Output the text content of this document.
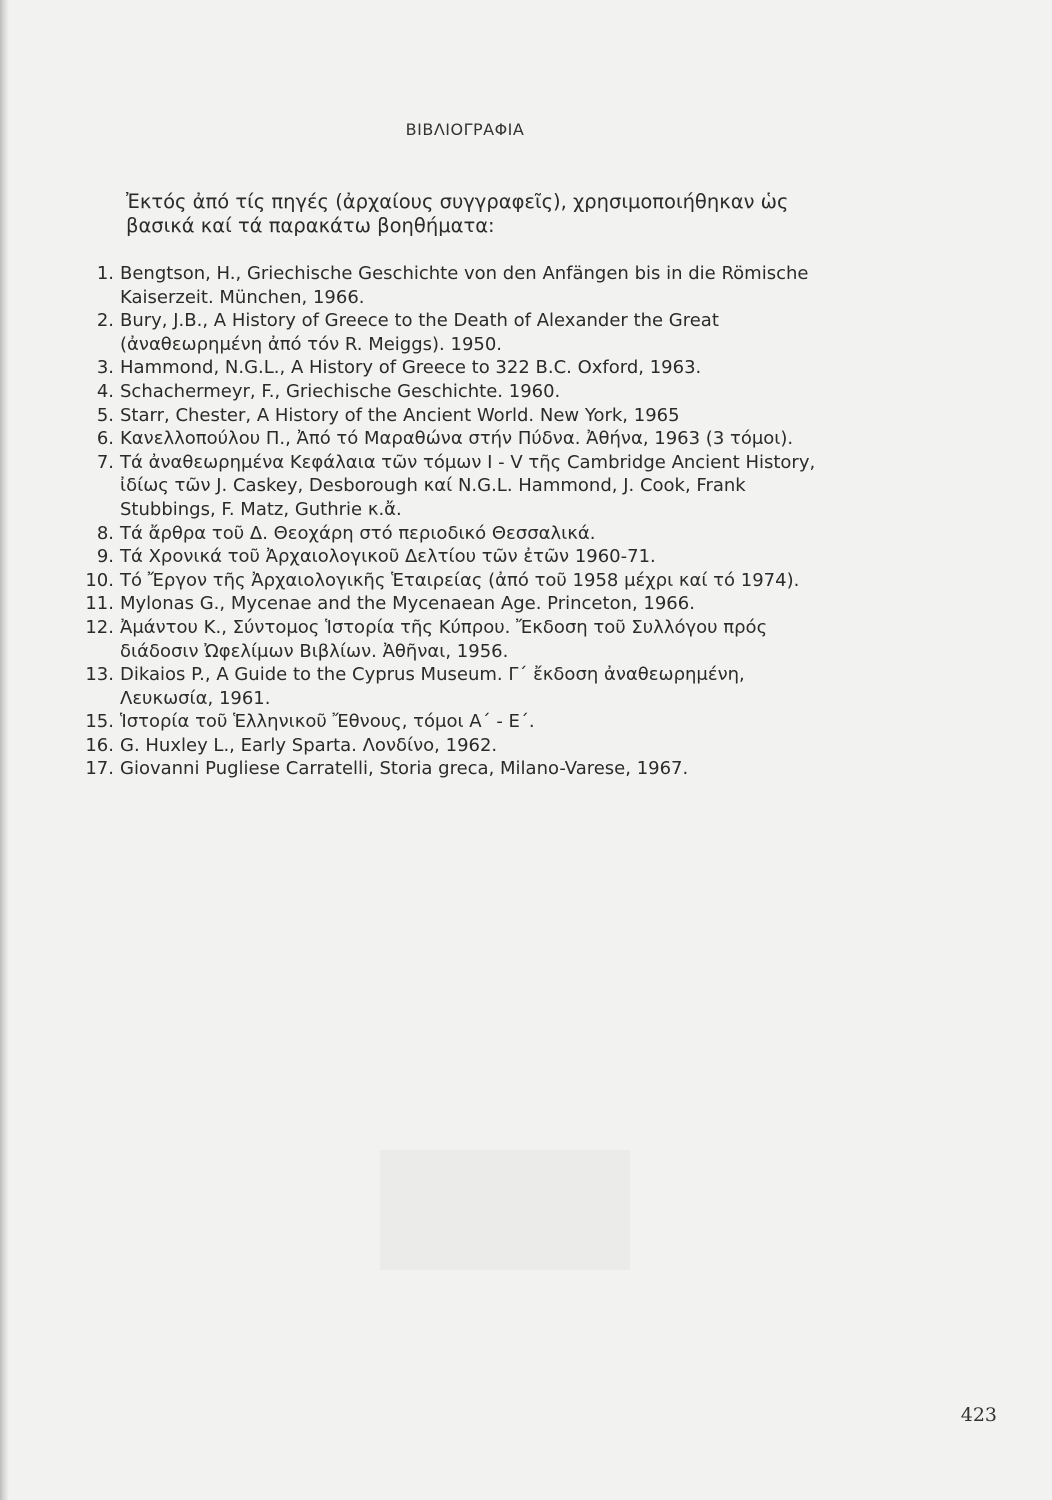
ΒΙΒΛΙΟΓΡΑΦΙΑ
Ἐκτός ἀπό τίς πηγές (ἀρχαίους συγγραφεῖς), χρησιμοποιήθηκαν ὡς βασικά καί τά παρακάτω βοηθήματα:
1. Bengtson, H., Griechische Geschichte von den Anfängen bis in die Römische Kaiserzeit. München, 1966.
2. Bury, J.B., A History of Greece to the Death of Alexander the Great (ἀναθεωρημένη ἀπό τόν R. Meiggs). 1950.
3. Hammond, N.G.L., A History of Greece to 322 B.C. Oxford, 1963.
4. Schachermeyr, F., Griechische Geschichte. 1960.
5. Starr, Chester, A History of the Ancient World. New York, 1965
6. Κανελλοπούλου Π., Ἀπό τό Μαραθώνα στήν Πύδνα. Ἀθήνα, 1963 (3 τόμοι).
7. Τά ἀναθεωρημένα Κεφάλαια τῶν τόμων I - V τῆς Cambridge Ancient History, ἰδίως τῶν J. Caskey, Desborough καί N.G.L. Hammond, J. Cook, Frank Stubbings, F. Matz, Guthrie κ.ἄ.
8. Τά ἄρθρα τοῦ Δ. Θεοχάρη στό περιοδικό Θεσσαλικά.
9. Τά Χρονικά τοῦ Ἀρχαιολογικοῦ Δελτίου τῶν ἐτῶν 1960-71.
10. Τό Ἔργον τῆς Ἀρχαιολογικῆς Ἑταιρείας (ἀπό τοῦ 1958 μέχρι καί τό 1974).
11. Mylonas G., Mycenae and the Mycenaean Age. Princeton, 1966.
12. Ἀμάντου Κ., Σύντομος Ἱστορία τῆς Κύπρου. Ἔκδοση τοῦ Συλλόγου πρός διάδοσιν Ὠφελίμων Βιβλίων. Ἀθῆναι, 1956.
13. Dikaios P., A Guide to the Cyprus Museum. Γ´ ἔκδοση ἀναθεωρημένη, Λευκωσία, 1961.
15. Ἱστορία τοῦ Ἑλληνικοῦ Ἔθνους, τόμοι Α´ - Ε´.
16. G. Huxley L., Early Sparta. Λονδίνο, 1962.
17. Giovanni Pugliese Carratelli, Storia greca, Milano-Varese, 1967.
423
